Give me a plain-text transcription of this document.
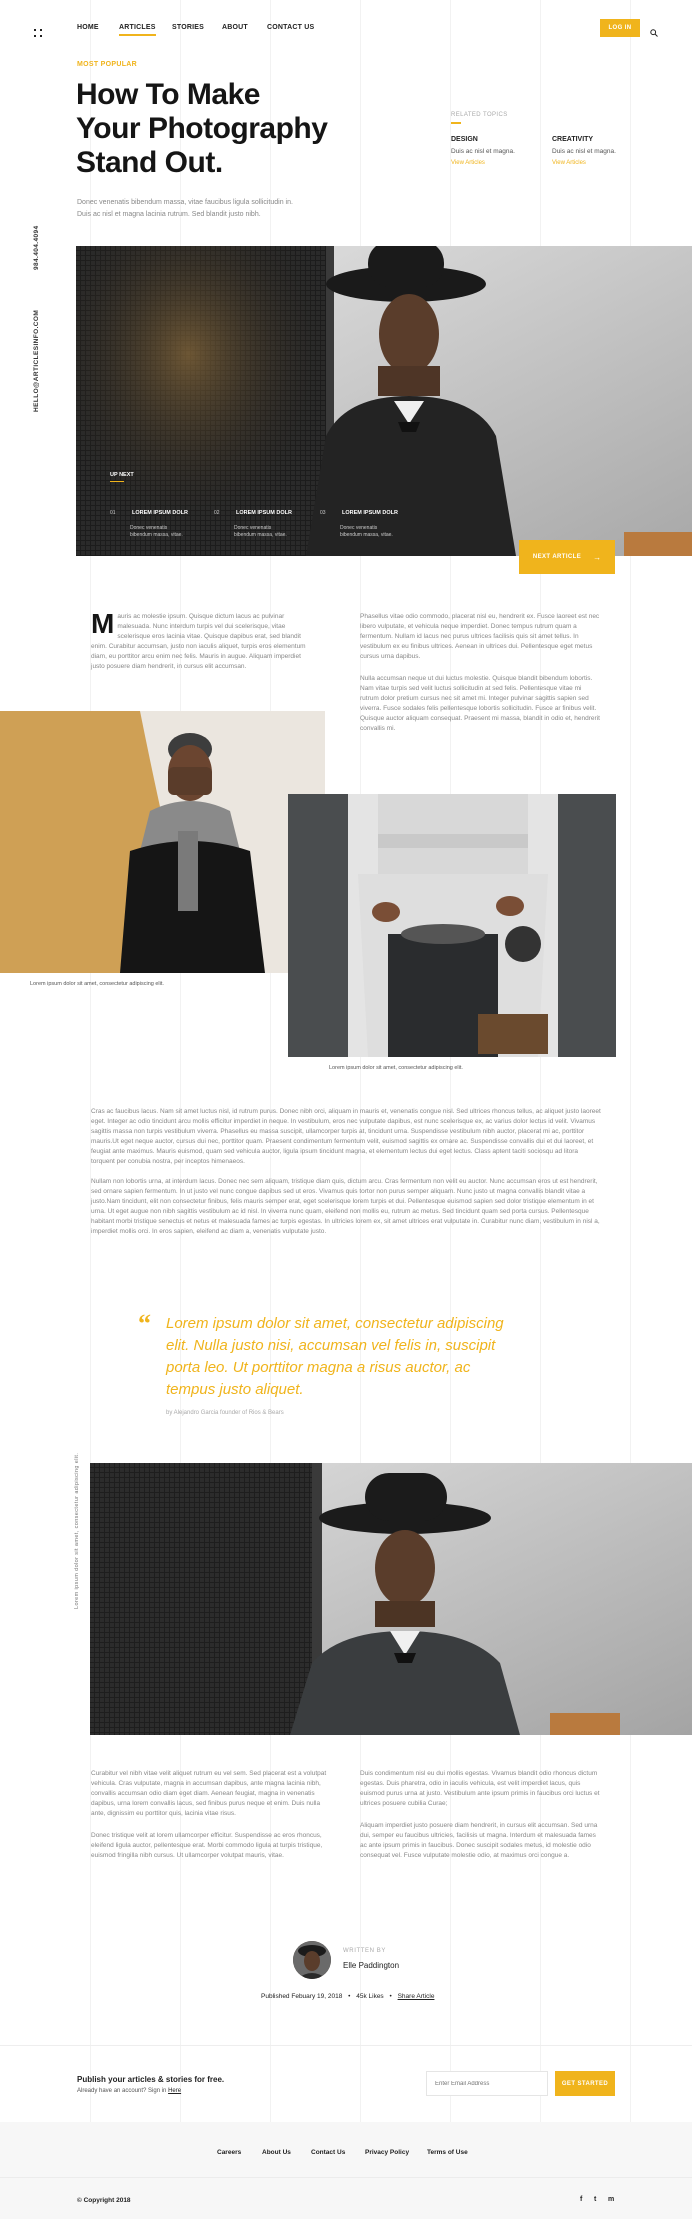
HOME	ARTICLES STORIES	ABOUT	CONTACT US	LOG IN
984.404.4094
HELLO@ARTICLESINFO.COM
MOST POPULAR
How To Make
Your Photography
Stand Out.
Donec venenatis bibendum massa, vitae faucibus ligula sollicitudin in.
Duis ac nisl et magna lacinia rutrum. Sed blandit justo nibh.
RELATED TOPICS
DESIGN
Duis ac nisl et magna.
View Articles
CREATIVITY
Duis ac nisl et magna.
View Articles
UP NEXT
01	LOREM IPSUM DOLR
Donec venenatis
bibendum massa, vitae.
02	LOREM IPSUM DOLR
Donec venenatis
bibendum massa, vitae.
03	LOREM IPSUM DOLR
Donec venenatis
bibendum massa, vitae.
NEXT ARTICLE →
M auris ac molestie ipsum. Quisque dictum lacus ac pulvinar malesuada. Nunc interdum turpis vel dui scelerisque, vitae scelerisque eros lacinia vitae. Quisque dapibus erat, sed blandit enim. Curabitur accumsan, justo non iaculis aliquet, turpis eros elementum diam, eu porttitor arcu enim nec felis. Mauris in augue. Aliquam imperdiet justo posuere diam hendrerit, in cursus elit accumsan.

Phasellus vitae odio commodo, placerat nisl eu, hendrerit ex. Fusce laoreet est nec libero vulputate, et vehicula neque imperdiet. Donec tempus rutrum quam a fermentum. Nullam id lacus nec purus ultrices facilisis quis sit amet tellus. In vestibulum ex eu finibus ultrices. Aenean in ultrices dui. Pellentesque eget metus cursus urna dapibus.

Nulla accumsan neque ut dui luctus molestie. Quisque blandit bibendum lobortis. Nam vitae turpis sed velit luctus sollicitudin at sed felis. Pellentesque vitae mi rutrum dolor pretium cursus nec sit amet mi. Integer pulvinar sagittis sapien sed viverra. Fusce sodales felis pellentesque lobortis sollicitudin. Fusce ar finibus velit. Quisque auctor aliquam consequat. Praesent mi massa, blandit in odio et, hendrerit convallis mi.

Lorem ipsum dolor sit amet, consectetur adipiscing elit.
Lorem ipsum dolor sit amet, consectetur adipiscing elit.

Cras ac faucibus lacus. Nam sit amet luctus nisl, id rutrum purus. Donec nibh orci, aliquam in mauris et, venenatis congue nisl. Sed ultrices rhoncus tellus, ac aliquet justo laoreet eget. Integer ac odio tincidunt arcu mollis efficitur imperdiet in neque. In vestibulum, eros nec vulputate dapibus, est nunc scelerisque ex, ac varius dolor lectus id velit. Vivamus sagittis massa non turpis vestibulum viverra. Phasellus eu massa suscipit, ullamcorper turpis at, tincidunt urna. Suspendisse vestibulum nibh auctor, placerat mi ac, porttitor mauris.Ut eget neque auctor, cursus dui nec, porttitor quam. Praesent condimentum fermentum velit, euismod sagittis ex ornare ac. Suspendisse convallis dui et dui laoreet, et feugiat ante maximus. Mauris euismod, quam sed vehicula auctor, ligula ipsum tincidunt magna, et elementum lectus dui eget lectus. Class aptent taciti sociosqu ad litora torquent per conubia nostra, per inceptos himenaeos.

Nullam non lobortis urna, at interdum lacus. Donec nec sem aliquam, tristique diam quis, dictum arcu. Cras fermentum non velit eu auctor. Nunc accumsan eros ut est hendrerit, sed ornare sapien fermentum. In ut justo vel nunc congue dapibus sed ut eros. Vivamus quis tortor non purus semper aliquam. Nunc justo ut magna convallis blandit vitae a justo.Nam tincidunt, elit non consectetur finibus, felis mauris semper erat, eget scelerisque lorem turpis et dui. Pellentesque euismod sapien sed dolor tristique elementum in et urna. Ut eget augue non nibh sagittis vestibulum ac id nisl. In viverra nunc quam, eleifend non mollis eu, rutrum ac metus. Sed tincidunt quam sed porta cursus. Pellentesque habitant morbi tristique senectus et netus et malesuada fames ac turpis egestas. In ultricies lorem ex, sit amet ultrices erat vulputate in. Curabitur nunc diam, vestibulum in nisl a, imperdiet mollis orci. In eros sapien, eleifend ac diam a, venenatis vulputate justo.

“ Lorem ipsum dolor sit amet, consectetur adipiscing
elit. Nulla justo nisi, accumsan vel felis in, suscipit
porta leo. Ut porttitor magna a risus auctor, ac
tempus justo aliquet.
by Alejandro Garcia founder of Rios & Bears
Lorem ipsum dolor sit amet, consectetur adipiscing elit.

Curabitur vel nibh vitae velit aliquet rutrum eu vel sem. Sed placerat est a volutpat vehicula. Cras vulputate, magna in accumsan dapibus, ante magna lacinia nibh, convallis accumsan odio diam eget diam. Aenean feugiat, magna in venenatis dapibus, urna lorem convallis lacus, sed finibus purus neque et enim. Duis nulla ante, dignissim eu porttitor quis, lacinia vitae risus.

Donec tristique velit at lorem ullamcorper efficitur. Suspendisse ac eros rhoncus, eleifend ligula auctor, pellentesque erat. Morbi commodo ligula at turpis tristique, euismod fringilla nibh cursus. Ut ullamcorper volutpat mauris, vitae.

Duis condimentum nisl eu dui mollis egestas. Vivamus blandit odio rhoncus dictum egestas. Duis pharetra, odio in iaculis vehicula, est velit imperdiet lacus, quis euismod purus urna at justo. Vestibulum ante ipsum primis in faucibus orci luctus et ultrices posuere cubilia Curae;

Aliquam imperdiet justo posuere diam hendrerit, in cursus elit accumsan. Sed urna dui, semper eu faucibus ultricies, facilisis ut magna. Interdum et malesuada fames ac ante ipsum primis in faucibus. Donec suscipit sodales metus, id molestie odio consequat vel. Fusce vulputate molestie odio, at maximus orci congue a.

WRITTEN BY
Elle Paddington
Published Febuary 19, 2018 • 45k Likes • Share Article
Publish your articles & stories for free.
Already have an account? Sign in Here
Enter Email Address
GET STARTED
Careers	About Us	Contact Us	Privacy Policy	Terms of Use
© Copyright 2018	f t m
